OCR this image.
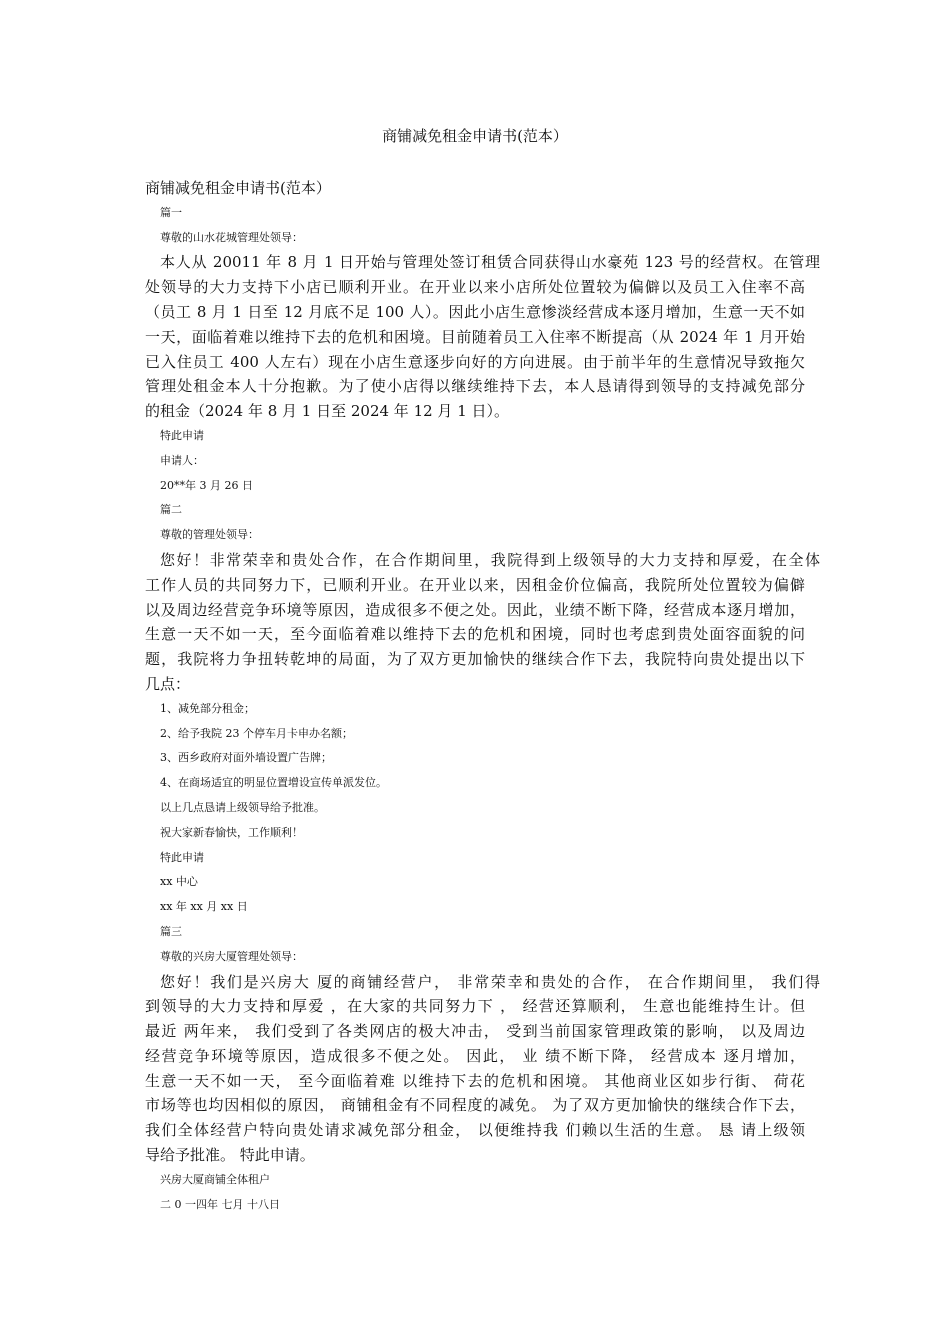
商铺减免租金申请书(范本）
商铺减免租金申请书(范本）
篇一
尊敬的山水花城管理处领导：
本人从 20011 年 8 月 1 日开始与管理处签订租赁合同获得山水豪苑 123 号的经营权。在管理
处领导的大力支持下小店已顺利开业。在开业以来小店所处位置较为偏僻以及员工入住率不高
（员工 8 月 1 日至 12 月底不足 100 人）。因此小店生意惨淡经营成本逐月增加，生意一天不如
一天，面临着难以维持下去的危机和困境。目前随着员工入住率不断提高（从 2024 年 1 月开始
已入住员工 400 人左右）现在小店生意逐步向好的方向进展。由于前半年的生意情况导致拖欠
管理处租金本人十分抱歉。为了使小店得以继续维持下去，本人恳请得到领导的支持减免部分
的租金（2024 年 8 月 1 日至 2024 年 12 月 1 日）。
特此申请
申请人：
20**年 3 月 26 日
篇二
尊敬的管理处领导：
您好！非常荣幸和贵处合作，在合作期间里，我院得到上级领导的大力支持和厚爱，在全体
工作人员的共同努力下，已顺利开业。在开业以来，因租金价位偏高，我院所处位置较为偏僻
以及周边经营竞争环境等原因，造成很多不便之处。因此，业绩不断下降，经营成本逐月增加，
生意一天不如一天，至今面临着难以维持下去的危机和困境，同时也考虑到贵处面容面貌的问
题，我院将力争扭转乾坤的局面，为了双方更加愉快的继续合作下去，我院特向贵处提出以下
几点：
1、减免部分租金；
2、给予我院 23 个停车月卡申办名额；
3、西乡政府对面外墙设置广告牌；
4、在商场适宜的明显位置增设宣传单派发位。
以上几点恳请上级领导给予批准。
祝大家新春愉快，工作顺利！
特此申请
xx 中心
xx 年 xx 月 xx 日
篇三
尊敬的兴房大厦管理处领导：
您好！我们是兴房大 厦的商铺经营户， 非常荣幸和贵处的合作， 在合作期间里， 我们得
到领导的大力支持和厚爱 ，在大家的共同努力下 ， 经营还算顺利， 生意也能维持生计。但
最近 两年来， 我们受到了各类网店的极大冲击， 受到当前国家管理政策的影响， 以及周边
经营竞争环境等原因，造成很多不便之处。 因此， 业 绩不断下降， 经营成本 逐月增加，
生意一天不如一天， 至今面临着难 以维持下去的危机和困境。 其他商业区如步行街、 荷花
市场等也均因相似的原因， 商铺租金有不同程度的减免。 为了双方更加愉快的继续合作下去，
我们全体经营户特向贵处请求减免部分租金， 以便维持我 们赖以生活的生意。 恳 请上级领
导给予批准。 特此申请。
兴房大厦商铺全体租户
二 0 一四年 七月 十八日
